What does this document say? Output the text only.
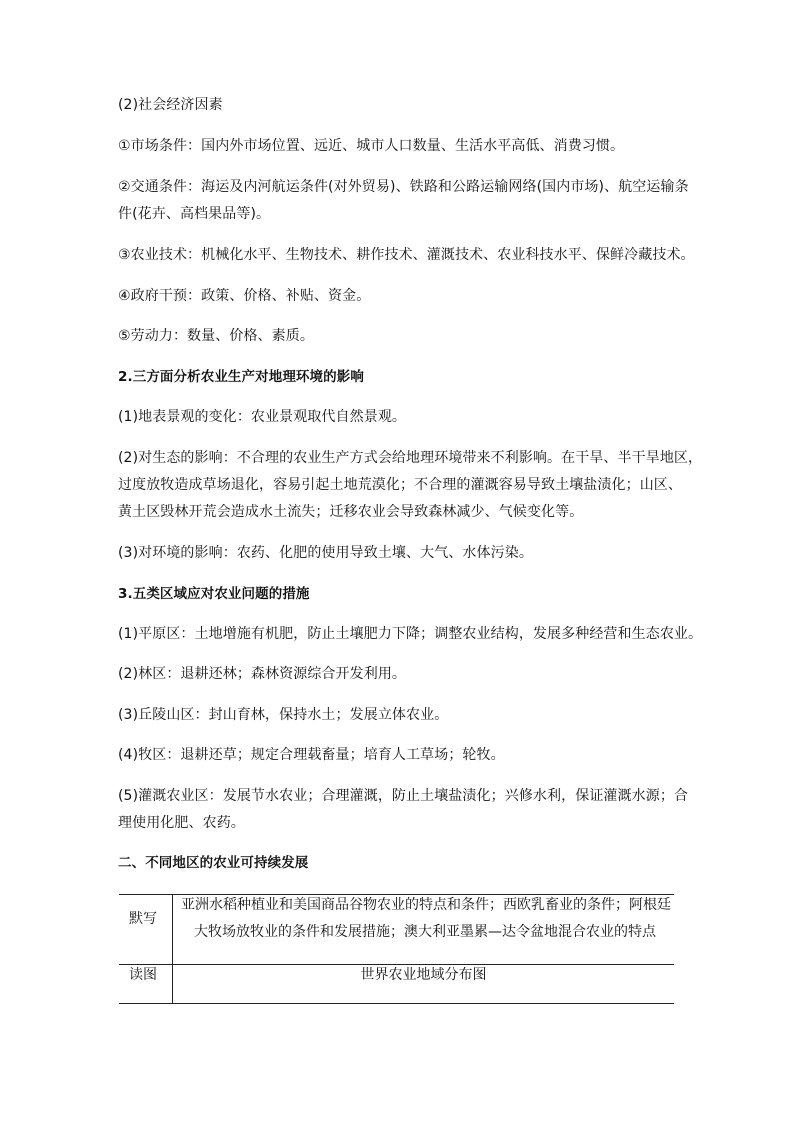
(2)社会经济因素
①市场条件：国内外市场位置、远近、城市人口数量、生活水平高低、消费习惯。
②交通条件：海运及内河航运条件(对外贸易)、铁路和公路运输网络(国内市场)、航空运输条
件(花卉、高档果品等)。
③农业技术：机械化水平、生物技术、耕作技术、灌溉技术、农业科技水平、保鲜冷藏技术。
④政府干预：政策、价格、补贴、资金。
⑤劳动力：数量、价格、素质。
2.三方面分析农业生产对地理环境的影响
(1)地表景观的变化：农业景观取代自然景观。
(2)对生态的影响：不合理的农业生产方式会给地理环境带来不利影响。在干旱、半干旱地区，
过度放牧造成草场退化，容易引起土地荒漠化；不合理的灌溉容易导致土壤盐渍化；山区、
黄土区毁林开荒会造成水土流失；迁移农业会导致森林减少、气候变化等。
(3)对环境的影响：农药、化肥的使用导致土壤、大气、水体污染。
3.五类区域应对农业问题的措施
(1)平原区：土地增施有机肥，防止土壤肥力下降；调整农业结构，发展多种经营和生态农业。
(2)林区：退耕还林；森林资源综合开发利用。
(3)丘陵山区：封山育林，保持水土；发展立体农业。
(4)牧区：退耕还草；规定合理载畜量；培育人工草场；轮牧。
(5)灌溉农业区：发展节水农业；合理灌溉，防止土壤盐渍化；兴修水利，保证灌溉水源；合
理使用化肥、农药。
二、不同地区的农业可持续发展
默写
亚洲水稻种植业和美国商品谷物农业的特点和条件；西欧乳畜业的条件；阿根廷
大牧场放牧业的条件和发展措施；澳大利亚墨累—达令盆地混合农业的特点
读图	世界农业地域分布图
